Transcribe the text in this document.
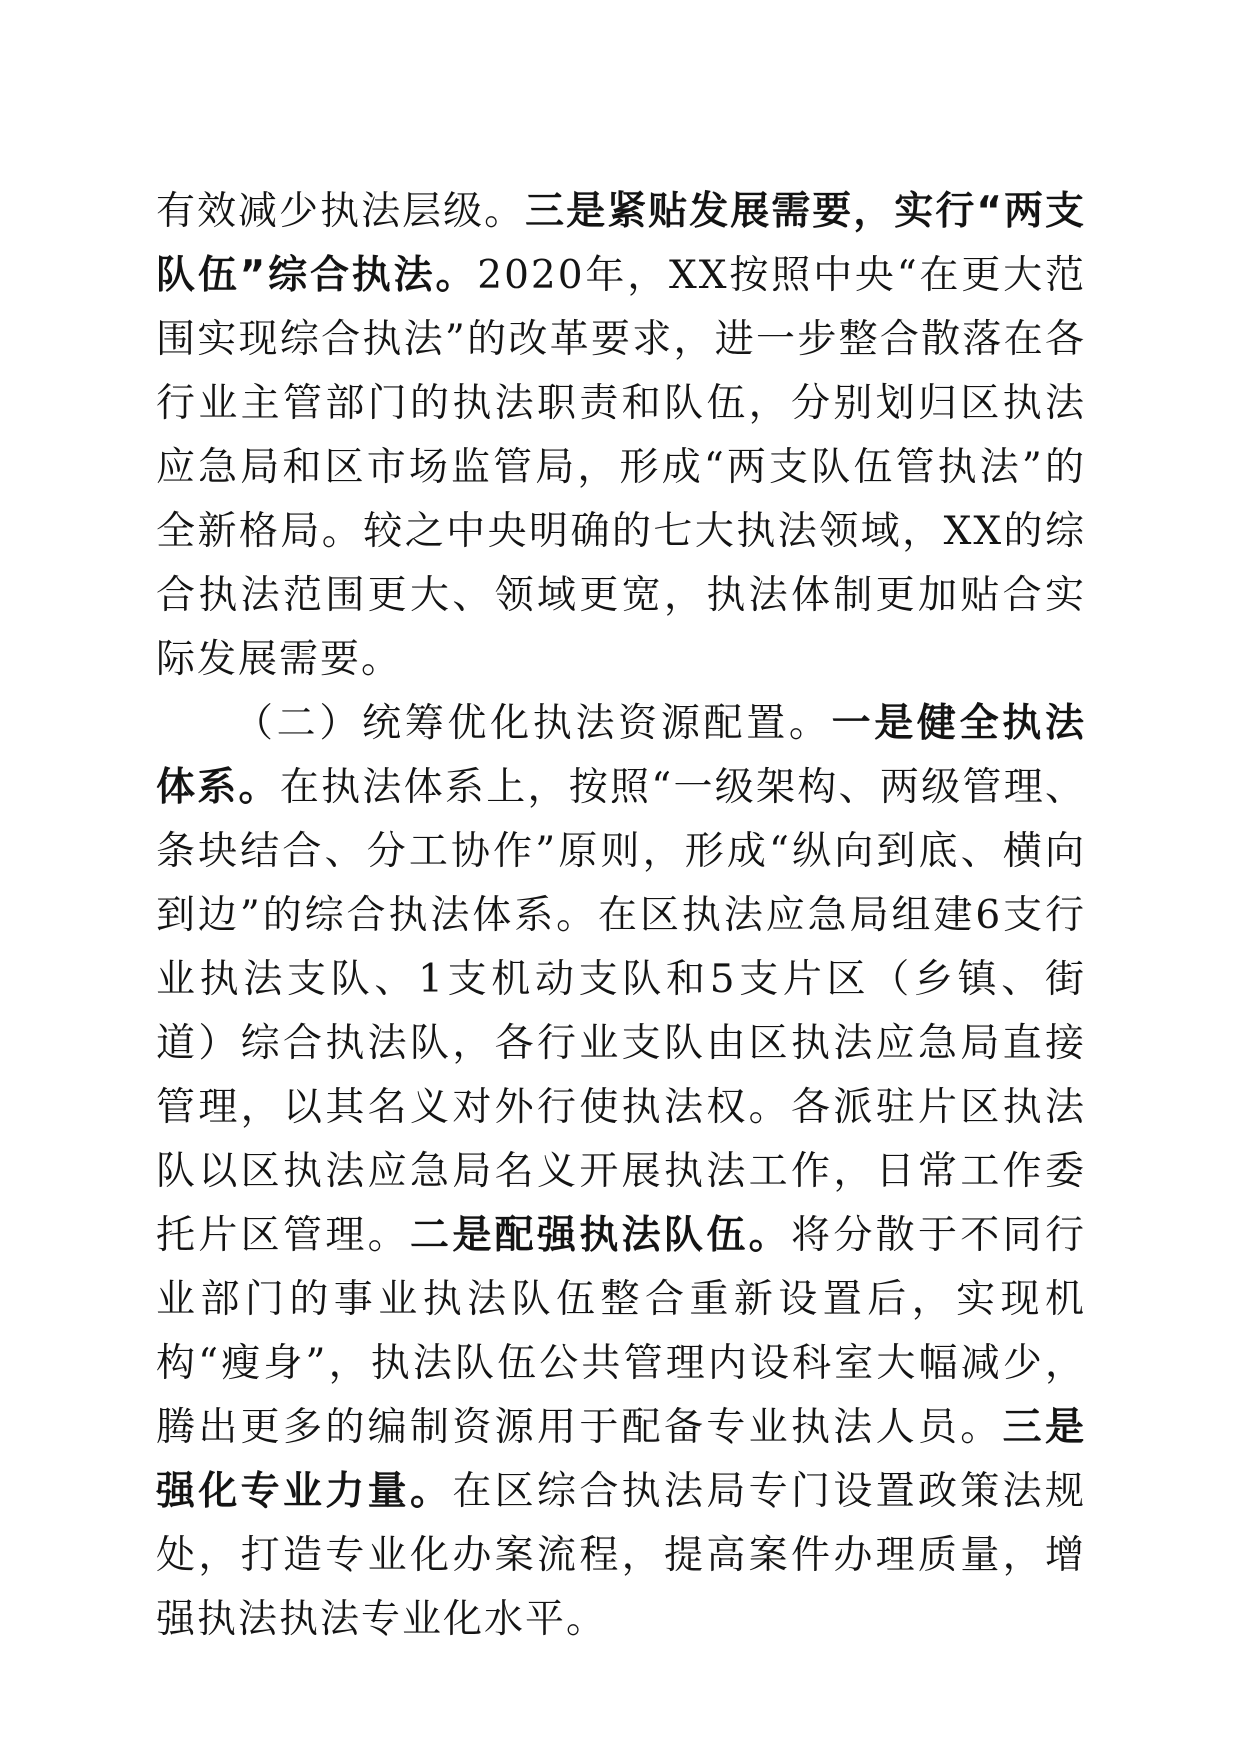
有效减少执法层级。三是紧贴发展需要，实行“两支队伍”综合执法。2020年，XX按照中央“在更大范围实现综合执法”的改革要求，进一步整合散落在各行业主管部门的执法职责和队伍，分别划归区执法应急局和区市场监管局，形成“两支队伍管执法”的全新格局。较之中央明确的七大执法领域，XX的综合执法范围更大、领域更宽，执法体制更加贴合实际发展需要。

（二）统筹优化执法资源配置。一是健全执法体系。在执法体系上，按照“一级架构、两级管理、条块结合、分工协作”原则，形成“纵向到底、横向到边”的综合执法体系。在区执法应急局组建6支行业执法支队、1支机动支队和5支片区（乡镇、街道）综合执法队，各行业支队由区执法应急局直接管理，以其名义对外行使执法权。各派驻片区执法队以区执法应急局名义开展执法工作，日常工作委托片区管理。二是配强执法队伍。将分散于不同行业部门的事业执法队伍整合重新设置后，实现机构“瘦身”，执法队伍公共管理内设科室大幅减少，腾出更多的编制资源用于配备专业执法人员。三是强化专业力量。在区综合执法局专门设置政策法规处，打造专业化办案流程，提高案件办理质量，增强执法执法专业化水平。
